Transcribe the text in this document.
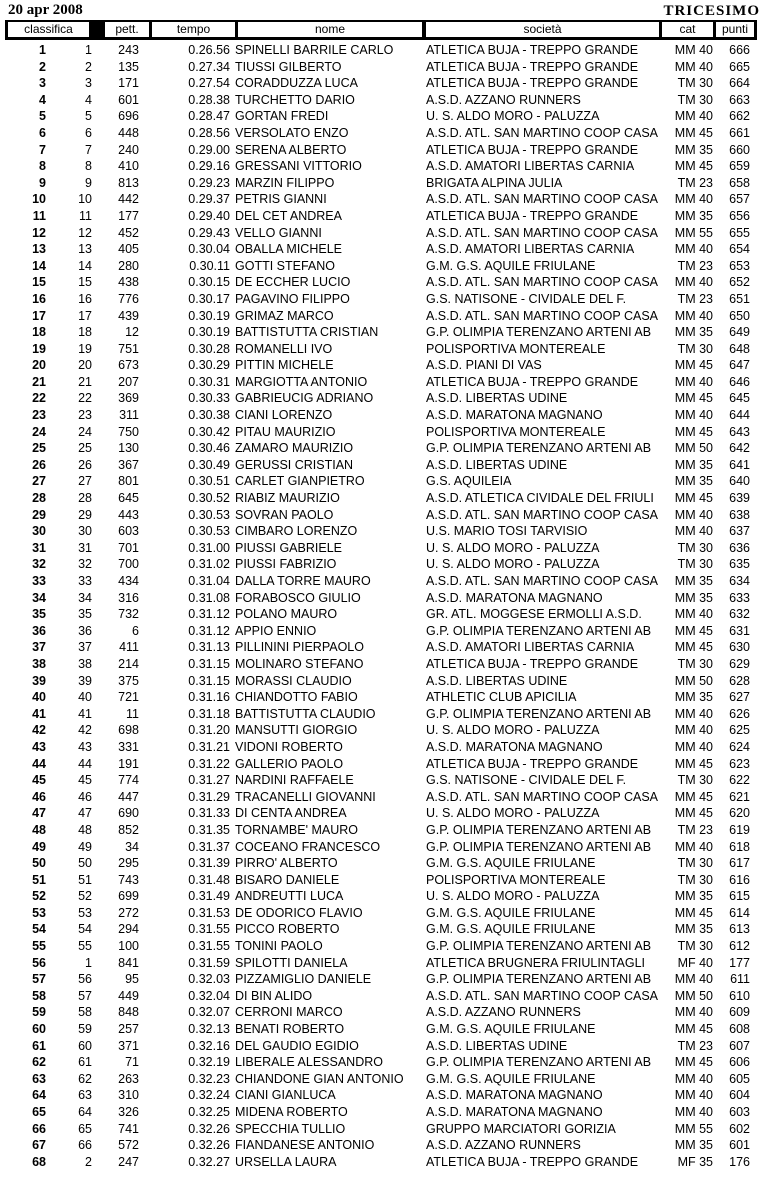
20 apr 2008	TRICESIMO
classifica	pett.	tempo	nome	società	cat	punti
1	1	243	0.26.56 SPINELLI BARRILE CARLO	ATLETICA BUJA - TREPPO GRANDE	MM 40	666
2	2	135	0.27.34 TIUSSI GILBERTO	ATLETICA BUJA - TREPPO GRANDE	MM 40	665
3	3	171	0.27.54 CORADDUZZA LUCA	ATLETICA BUJA - TREPPO GRANDE	TM 30	664
4	4	601	0.28.38 TURCHETTO DARIO	A.S.D. AZZANO RUNNERS	TM 30	663
5	5	696	0.28.47 GORTAN FREDI	U. S. ALDO MORO - PALUZZA	MM 40	662
6	6	448	0.28.56 VERSOLATO ENZO	A.S.D. ATL. SAN MARTINO COOP CASA	MM 45	661
7	7	240	0.29.00 SERENA ALBERTO	ATLETICA BUJA - TREPPO GRANDE	MM 35	660
8	8	410	0.29.16 GRESSANI VITTORIO	A.S.D. AMATORI LIBERTAS CARNIA	MM 45	659
9	9	813	0.29.23 MARZIN FILIPPO	BRIGATA ALPINA JULIA	TM 23	658
10	10	442	0.29.37 PETRIS GIANNI	A.S.D. ATL. SAN MARTINO COOP CASA	MM 40	657
11	11	177	0.29.40 DEL CET ANDREA	ATLETICA BUJA - TREPPO GRANDE	MM 35	656
12	12	452	0.29.43 VELLO GIANNI	A.S.D. ATL. SAN MARTINO COOP CASA	MM 55	655
13	13	405	0.30.04 OBALLA MICHELE	A.S.D. AMATORI LIBERTAS CARNIA	MM 40	654
14	14	280	0.30.11 GOTTI STEFANO	G.M. G.S. AQUILE FRIULANE	TM 23	653
15	15	438	0.30.15 DE ECCHER LUCIO	A.S.D. ATL. SAN MARTINO COOP CASA	MM 40	652
16	16	776	0.30.17 PAGAVINO FILIPPO	G.S. NATISONE - CIVIDALE DEL F.	TM 23	651
17	17	439	0.30.19 GRIMAZ MARCO	A.S.D. ATL. SAN MARTINO COOP CASA	MM 40	650
18	18	12	0.30.19 BATTISTUTTA CRISTIAN	G.P. OLIMPIA TERENZANO ARTENI AB	MM 35	649
19	19	751	0.30.28 ROMANELLI IVO	POLISPORTIVA MONTEREALE	TM 30	648
20	20	673	0.30.29 PITTIN MICHELE	A.S.D. PIANI DI VAS	MM 45	647
21	21	207	0.30.31 MARGIOTTA ANTONIO	ATLETICA BUJA - TREPPO GRANDE	MM 40	646
22	22	369	0.30.33 GABRIEUCIG ADRIANO	A.S.D. LIBERTAS UDINE	MM 45	645
23	23	311	0.30.38 CIANI LORENZO	A.S.D. MARATONA MAGNANO	MM 40	644
24	24	750	0.30.42 PITAU MAURIZIO	POLISPORTIVA MONTEREALE	MM 45	643
25	25	130	0.30.46 ZAMARO MAURIZIO	G.P. OLIMPIA TERENZANO ARTENI AB	MM 50	642
26	26	367	0.30.49 GERUSSI CRISTIAN	A.S.D. LIBERTAS UDINE	MM 35	641
27	27	801	0.30.51 CARLET GIANPIETRO	G.S. AQUILEIA	MM 35	640
28	28	645	0.30.52 RIABIZ MAURIZIO	A.S.D. ATLETICA CIVIDALE DEL FRIULI	MM 45	639
29	29	443	0.30.53 SOVRAN PAOLO	A.S.D. ATL. SAN MARTINO COOP CASA	MM 40	638
30	30	603	0.30.53 CIMBARO LORENZO	U.S. MARIO TOSI TARVISIO	MM 40	637
31	31	701	0.31.00 PIUSSI GABRIELE	U. S. ALDO MORO - PALUZZA	TM 30	636
32	32	700	0.31.02 PIUSSI FABRIZIO	U. S. ALDO MORO - PALUZZA	TM 30	635
33	33	434	0.31.04 DALLA TORRE MAURO	A.S.D. ATL. SAN MARTINO COOP CASA	MM 35	634
34	34	316	0.31.08 FORABOSCO GIULIO	A.S.D. MARATONA MAGNANO	MM 35	633
35	35	732	0.31.12 POLANO MAURO	GR. ATL. MOGGESE ERMOLLI A.S.D.	MM 40	632
36	36	6	0.31.12 APPIO ENNIO	G.P. OLIMPIA TERENZANO ARTENI AB	MM 45	631
37	37	411	0.31.13 PILLININI PIERPAOLO	A.S.D. AMATORI LIBERTAS CARNIA	MM 45	630
38	38	214	0.31.15 MOLINARO STEFANO	ATLETICA BUJA - TREPPO GRANDE	TM 30	629
39	39	375	0.31.15 MORASSI CLAUDIO	A.S.D. LIBERTAS UDINE	MM 50	628
40	40	721	0.31.16 CHIANDOTTO FABIO	ATHLETIC CLUB APICILIA	MM 35	627
41	41	11	0.31.18 BATTISTUTTA CLAUDIO	G.P. OLIMPIA TERENZANO ARTENI AB	MM 40	626
42	42	698	0.31.20 MANSUTTI GIORGIO	U. S. ALDO MORO - PALUZZA	MM 40	625
43	43	331	0.31.21 VIDONI ROBERTO	A.S.D. MARATONA MAGNANO	MM 40	624
44	44	191	0.31.22 GALLERIO PAOLO	ATLETICA BUJA - TREPPO GRANDE	MM 45	623
45	45	774	0.31.27 NARDINI RAFFAELE	G.S. NATISONE - CIVIDALE DEL F.	TM 30	622
46	46	447	0.31.29 TRACANELLI GIOVANNI	A.S.D. ATL. SAN MARTINO COOP CASA	MM 45	621
47	47	690	0.31.33 DI CENTA ANDREA	U. S. ALDO MORO - PALUZZA	MM 45	620
48	48	852	0.31.35 TORNAMBE' MAURO	G.P. OLIMPIA TERENZANO ARTENI AB	TM 23	619
49	49	34	0.31.37 COCEANO FRANCESCO	G.P. OLIMPIA TERENZANO ARTENI AB	MM 40	618
50	50	295	0.31.39 PIRRO' ALBERTO	G.M. G.S. AQUILE FRIULANE	TM 30	617
51	51	743	0.31.48 BISARO DANIELE	POLISPORTIVA MONTEREALE	TM 30	616
52	52	699	0.31.49 ANDREUTTI LUCA	U. S. ALDO MORO - PALUZZA	MM 35	615
53	53	272	0.31.53 DE ODORICO FLAVIO	G.M. G.S. AQUILE FRIULANE	MM 45	614
54	54	294	0.31.55 PICCO ROBERTO	G.M. G.S. AQUILE FRIULANE	MM 35	613
55	55	100	0.31.55 TONINI PAOLO	G.P. OLIMPIA TERENZANO ARTENI AB	TM 30	612
56	1	841	0.31.59 SPILOTTI DANIELA	ATLETICA BRUGNERA FRIULINTAGLI	MF 40	177
57	56	95	0.32.03 PIZZAMIGLIO DANIELE	G.P. OLIMPIA TERENZANO ARTENI AB	MM 40	611
58	57	449	0.32.04 DI BIN ALIDO	A.S.D. ATL. SAN MARTINO COOP CASA	MM 50	610
59	58	848	0.32.07 CERRONI MARCO	A.S.D. AZZANO RUNNERS	MM 40	609
60	59	257	0.32.13 BENATI ROBERTO	G.M. G.S. AQUILE FRIULANE	MM 45	608
61	60	371	0.32.16 DEL GAUDIO EGIDIO	A.S.D. LIBERTAS UDINE	TM 23	607
62	61	71	0.32.19 LIBERALE ALESSANDRO	G.P. OLIMPIA TERENZANO ARTENI AB	MM 45	606
63	62	263	0.32.23 CHIANDONE GIAN ANTONIO	G.M. G.S. AQUILE FRIULANE	MM 40	605
64	63	310	0.32.24 CIANI GIANLUCA	A.S.D. MARATONA MAGNANO	MM 40	604
65	64	326	0.32.25 MIDENA ROBERTO	A.S.D. MARATONA MAGNANO	MM 40	603
66	65	741	0.32.26 SPECCHIA TULLIO	GRUPPO MARCIATORI GORIZIA	MM 55	602
67	66	572	0.32.26 FIANDANESE ANTONIO	A.S.D. AZZANO RUNNERS	MM 35	601
68	2	247	0.32.27 URSELLA LAURA	ATLETICA BUJA - TREPPO GRANDE	MF 35	176
